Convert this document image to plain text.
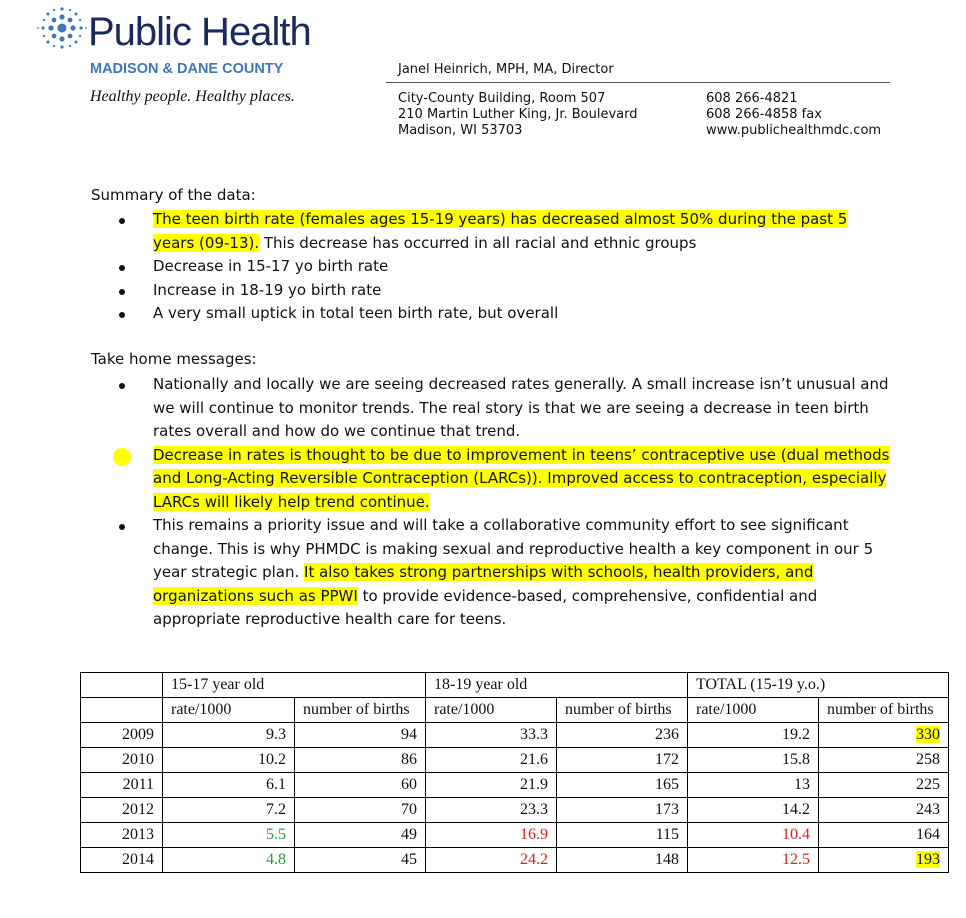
Public Health
MADISON & DANE COUNTY
Healthy people. Healthy places.
Janel Heinrich, MPH, MA, Director
City-County Building, Room 507
210 Martin Luther King, Jr. Boulevard
Madison, WI 53703
608 266-4821
608 266-4858 fax
www.publichealthmdc.com
Summary of the data:
The teen birth rate (females ages 15-19 years) has decreased almost 50% during the past 5 years (09-13). This decrease has occurred in all racial and ethnic groups
Decrease in 15-17 yo birth rate
Increase in 18-19 yo birth rate
A very small uptick in total teen birth rate, but overall
Take home messages:
Nationally and locally we are seeing decreased rates generally. A small increase isn’t unusual and we will continue to monitor trends. The real story is that we are seeing a decrease in teen birth rates overall and how do we continue that trend.
Decrease in rates is thought to be due to improvement in teens’ contraceptive use (dual methods and Long-Acting Reversible Contraception (LARCs)). Improved access to contraception, especially LARCs will likely help trend continue.
This remains a priority issue and will take a collaborative community effort to see significant change. This is why PHMDC is making sexual and reproductive health a key component in our 5 year strategic plan. It also takes strong partnerships with schools, health providers, and organizations such as PPWI to provide evidence-based, comprehensive, confidential and appropriate reproductive health care for teens.
	15-17 year old		18-19 year old		TOTAL (15-19 y.o.)	
	rate/1000	number of births	rate/1000	number of births	rate/1000	number of births
2009	9.3	94	33.3	236	19.2	330
2010	10.2	86	21.6	172	15.8	258
2011	6.1	60	21.9	165	13	225
2012	7.2	70	23.3	173	14.2	243
2013	5.5	49	16.9	115	10.4	164
2014	4.8	45	24.2	148	12.5	193
